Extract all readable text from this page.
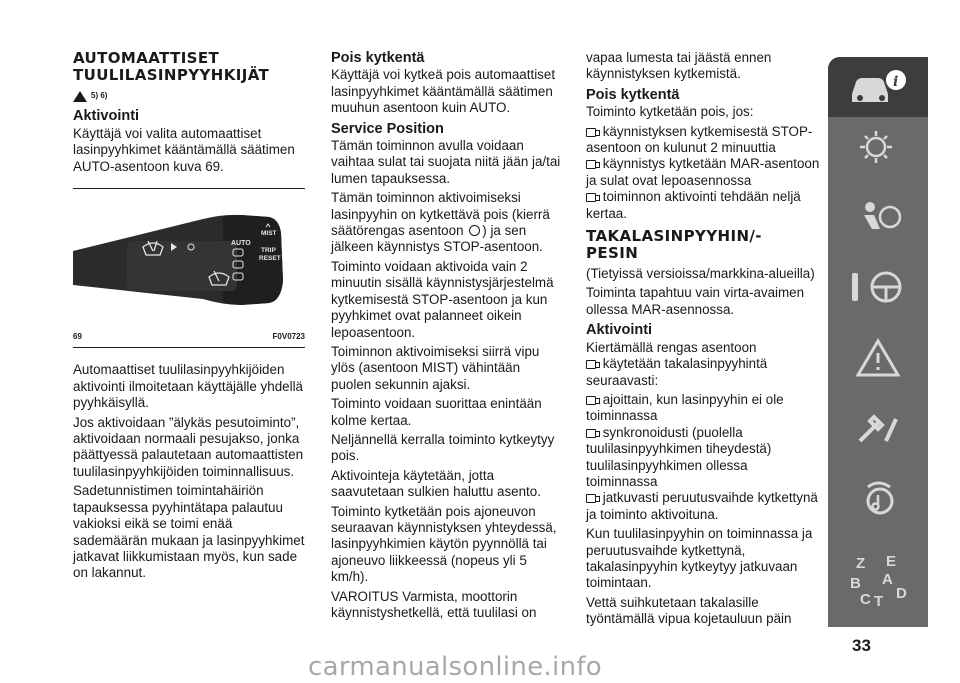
AUTOMAATTISET
TUULILASINPYYHKIJÄT
5) 6)
Aktivointi

Käyttäjä voi valita automaattiset lasinpyyhkimet kääntämällä säätimen AUTO-asentoon kuva 69.

AUTO
MIST
TRIP
RESET
69	F0V0723

Automaattiset tuulilasinpyyhkijöiden aktivointi ilmoitetaan käyttäjälle yhdellä pyyhkäisyllä.

Jos aktivoidaan ”älykäs pesutoiminto”, aktivoidaan normaali pesujakso, jonka päättyessä palautetaan automaattisten tuulilasinpyyhkijöiden toiminnallisuus.

Sadetunnistimen toimintahäiriön tapauksessa pyyhintätapa palautuu vakioksi eikä se toimi enää sademäärän mukaan ja lasinpyyhkimet jatkavat liikkumistaan myös, kun sade on lakannut.

Pois kytkentä

Käyttäjä voi kytkeä pois automaattiset lasinpyyhkimet kääntämällä säätimen muuhun asentoon kuin AUTO.

Service Position

Tämän toiminnon avulla voidaan vaihtaa sulat tai suojata niitä jään ja/tai lumen tapauksessa.

Tämän toiminnon aktivoimiseksi lasinpyyhin on kytkettävä pois (kierrä säätörengas asentoon ) ja sen jälkeen käynnistys STOP-asentoon.

Toiminto voidaan aktivoida vain 2 minuutin sisällä käynnistysjärjestelmä kytkemisestä STOP-asentoon ja kun pyyhkimet ovat palanneet oikein lepoasentoon.

Toiminnon aktivoimiseksi siirrä vipu ylös (asentoon MIST) vähintään puolen sekunnin ajaksi.

Toiminto voidaan suorittaa enintään kolme kertaa.

Neljännellä kerralla toiminto kytkeytyy pois.

Aktivointeja käytetään, jotta saavutetaan sulkien haluttu asento.

Toiminto kytketään pois ajoneuvon seuraavan käynnistyksen yhteydessä, lasinpyyhkimien käytön pyynnöllä tai ajoneuvo liikkeessä (nopeus yli 5 km/h).

VAROITUS Varmista, moottorin käynnistyshetkellä, että tuulilasi on

vapaa lumesta tai jäästä ennen käynnistyksen kytkemistä.

Pois kytkentä

Toiminto kytketään pois, jos:

käynnistyksen kytkemisestä STOP-asentoon on kulunut 2 minuuttia

käynnistys kytketään MAR-asentoon ja sulat ovat lepoasennossa

toiminnon aktivointi tehdään neljä kertaa.

TAKALASINPYYHIN/-
PESIN

(Tietyissä versioissa/markkina-alueilla)

Toiminta tapahtuu vain virta-avaimen ollessa MAR-asennossa.

Aktivointi

Kiertämällä rengas asentoon

käytetään takalasinpyyhintä seuraavasti:

ajoittain, kun lasinpyyhin ei ole toiminnassa

synkronoidusti (puolella tuulilasinpyyhkimen tiheydestä) tuulilasinpyyhkimen ollessa toiminnassa

jatkuvasti peruutusvaihde kytkettynä ja toiminto aktivoituna.

Kun tuulilasinpyyhin on toiminnassa ja peruutusvaihde kytkettynä, takalasinpyyhin kytkeytyy jatkuvaan toimintaan.

Vettä suihkutetaan takalasille työntämällä vipua kojetauluun päin

i
Z E
A
B
C T D
33
carmanualsonline.info
